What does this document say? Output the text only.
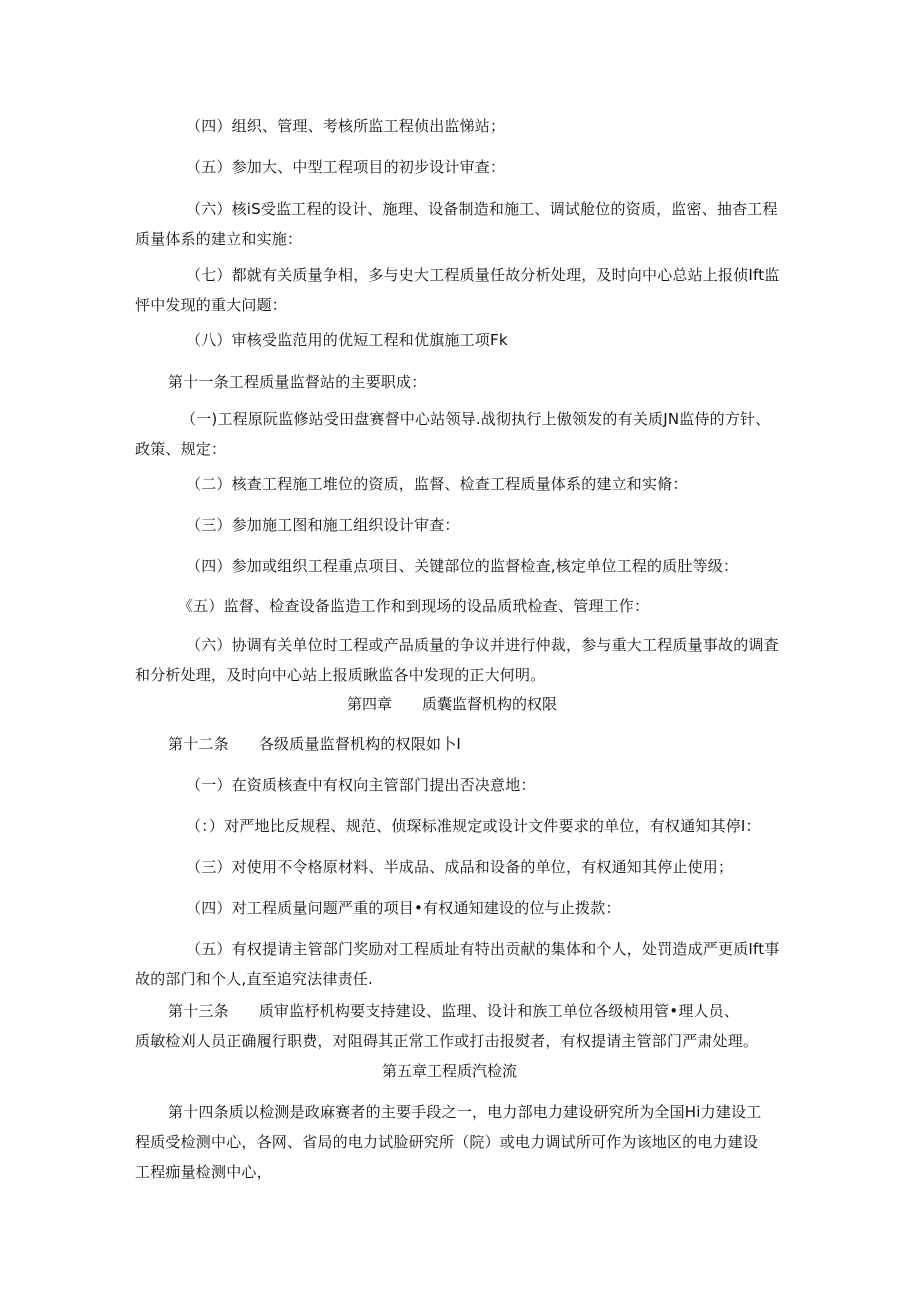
（四）组织、管理、考核所监工程侦出监悌站；
（五）参加大、中型工程项目的初步设计审查：
（六）核iS受监工程的设计、施理、设备制造和施工、调试舱位的资质，监密、抽杳工程
质量体系的建立和实施：
（七）都就有关质量争相，多与史大工程质量任故分析处理，及时向中心总站上报侦Ift监
怦中发现的重大问题：
（八）审核受监范用的优短工程和优旗施工项Fk
第十一条工程质量监督站的主要职成：
（一)工程原阮监修站受田盘赛督中心站领导.战彻执行上傲领发的有关质JN监侍的方针、
政策、规定：
（二）核查工程施工堆位的资质，监督、检查工程质量体系的建立和实脩：
（三）参加施工图和施工组织设计审查：
（四）参加或组织工程重点项目、关键部位的监督检查,核定单位工程的质肚等级：
《五）监督、检查设备监造工作和到现场的设品质玳检查、管理工作：
（六）协调有关单位时工程或产品质量的争议并进行仲裁，参与重大工程质量事故的调査
和分析处理，及时向中心站上报质瞅监各中发现的正大何明。
第四章 质囊监督机构的权限
第十二条 各级质量监督机构的权限如卜I
（一）在资质核查中有权向主管部门提出否决意地：
（：）对严地比反规程、规范、侦琛标准规定或设计文件要求的单位，有权通知其停I：
（三）对使用不令格原材料、半成品、成品和设备的单位，有权通知其停止使用；
（四）对工程质量问题严重的项目•有权通知建设的位与止拨款：
（五）有权提请主管部门奖励对工程质址有特出贡献的集体和个人，处罚造成严更质Ift事
故的部门和个人,直至追究法律责任.
第十三条 质审监杼机构要支持建设、监理、设计和族工单位各级桢用管•理人员、
质敏检刈人员正确履行职费，对阻碍其正常工作或打击报熨者，有权提请主管部门严肃处理。
第五章工程质汽检流
第十四条质以检测是政麻赛者的主要手段之一，电力部电力建设研究所为全国Hi力建设工
程质受检测中心，各网、省局的电力试脸研究所（院）或电力调试所可作为该地区的电力建设
工程痂量检测中心，
